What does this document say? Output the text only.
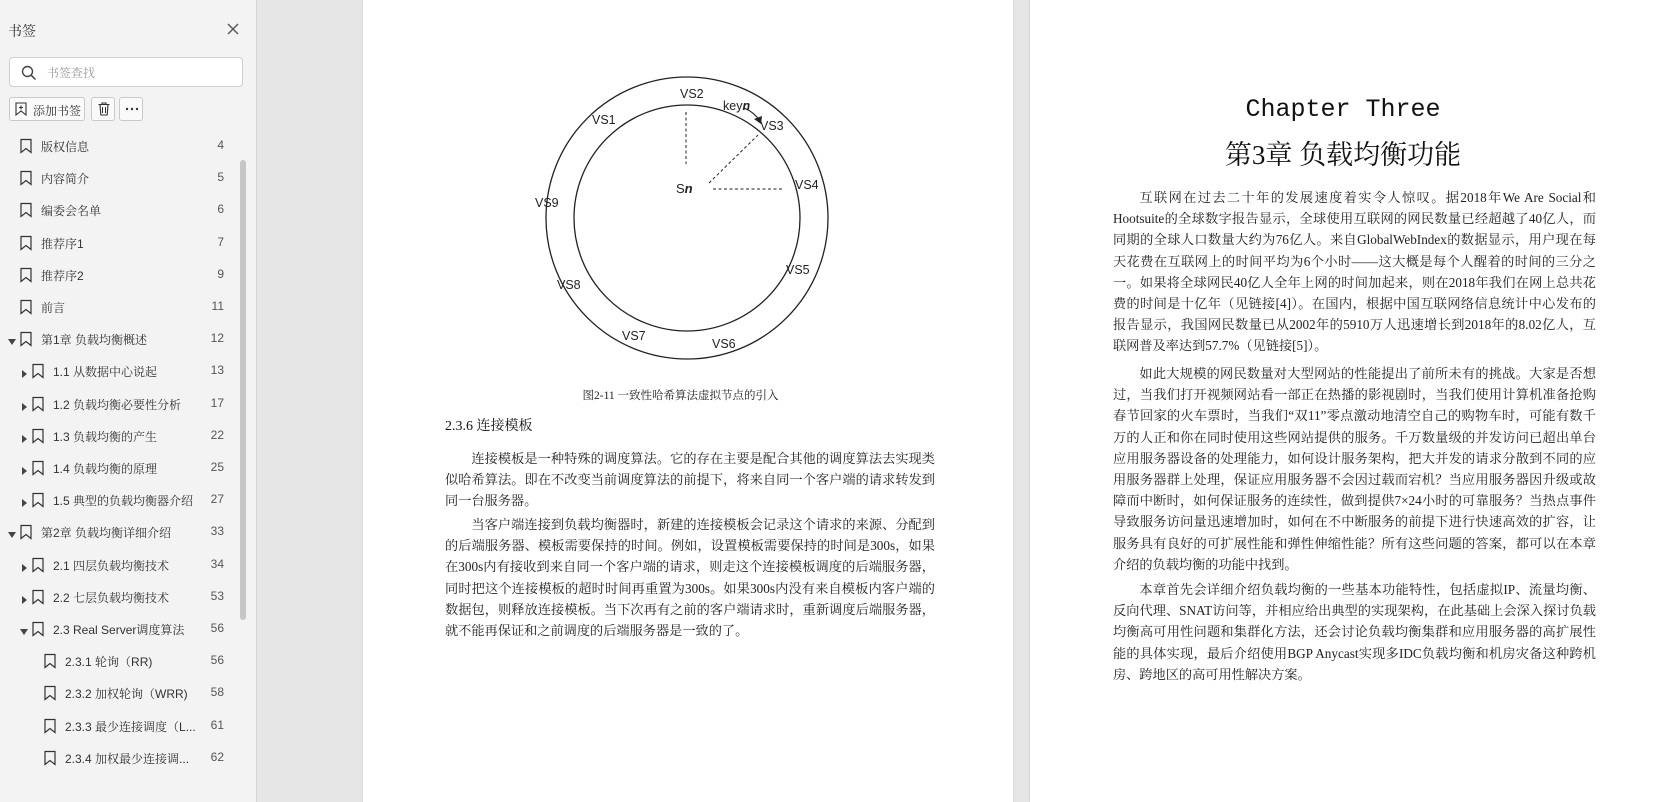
书签
书签查找
添加书签
版权信息	4
内容简介	5
编委会名单	6
推荐序1	7
推荐序2	9
前言	11
第1章 负载均衡概述	12
1.1 从数据中心说起	13
1.2 负载均衡必要性分析	17
1.3 负载均衡的产生	22
1.4 负载均衡的原理	25
1.5 典型的负载均衡器介绍	27
第2章 负载均衡详细介绍	33
2.1 四层负载均衡技术	34
2.2 七层负载均衡技术	53
2.3 Real Server调度算法	56
2.3.1 轮询（RR)	56
2.3.2 加权轮询（WRR)	58
2.3.3 最少连接调度（L...	61
2.3.4 加权最少连接调...	62
VS2
VS1	VS3
VS4
VS5
VS6
VS7
VS8
VS9
keyn
Sn
图2-11 一致性哈希算法虚拟节点的引入
2.3.6 连接模板

连接模板是一种特殊的调度算法。它的存在主要是配合其他的调度算法去实现类似哈希算法。即在不改变当前调度算法的前提下，将来自同一个客户端的请求转发到同一台服务器。

当客户端连接到负载均衡器时，新建的连接模板会记录这个请求的来源、分配到的后端服务器、模板需要保持的时间。例如，设置模板需要保持的时间是300s，如果在300s内有接收到来自同一个客户端的请求，则走这个连接模板调度的后端服务器，同时把这个连接模板的超时时间再重置为300s。如果300s内没有来自模板内客户端的数据包，则释放连接模板。当下次再有之前的客户端请求时，重新调度后端服务器，就不能再保证和之前调度的后端服务器是一致的了。

Chapter Three
第3章 负载均衡功能

互联网在过去二十年的发展速度着实令人惊叹。据2018年We Are Social和Hootsuite的全球数字报告显示，全球使用互联网的网民数量已经超越了40亿人，而同期的全球人口数量大约为76亿人。来自GlobalWebIndex的数据显示，用户现在每天花费在互联网上的时间平均为6个小时——这大概是每个人醒着的时间的三分之一。如果将全球网民40亿人全年上网的时间加起来，则在2018年我们在网上总共花费的时间是十亿年（见链接[4]）。在国内，根据中国互联网络信息统计中心发布的报告显示，我国网民数量已从2002年的5910万人迅速增长到2018年的8.02亿人，互联网普及率达到57.7%（见链接[5]）。

如此大规模的网民数量对大型网站的性能提出了前所未有的挑战。大家是否想过，当我们打开视频网站看一部正在热播的影视剧时，当我们使用计算机准备抢购春节回家的火车票时，当我们“双11”零点激动地清空自己的购物车时，可能有数千万的人正和你在同时使用这些网站提供的服务。千万数量级的并发访问已超出单台应用服务器设备的处理能力，如何设计服务架构，把大并发的请求分散到不同的应用服务器群上处理，保证应用服务器不会因过载而宕机？当应用服务器因升级或故障而中断时，如何保证服务的连续性，做到提供7×24小时的可靠服务？当热点事件导致服务访问量迅速增加时，如何在不中断服务的前提下进行快速高效的扩容，让服务具有良好的可扩展性能和弹性伸缩性能？所有这些问题的答案，都可以在本章介绍的负载均衡的功能中找到。

本章首先会详细介绍负载均衡的一些基本功能特性，包括虚拟IP、流量均衡、反向代理、SNAT访问等，并相应给出典型的实现架构，在此基础上会深入探讨负载均衡高可用性问题和集群化方法，还会讨论负载均衡集群和应用服务器的高扩展性能的具体实现，最后介绍使用BGP Anycast实现多IDC负载均衡和机房灾备这种跨机房、跨地区的高可用性解决方案。
